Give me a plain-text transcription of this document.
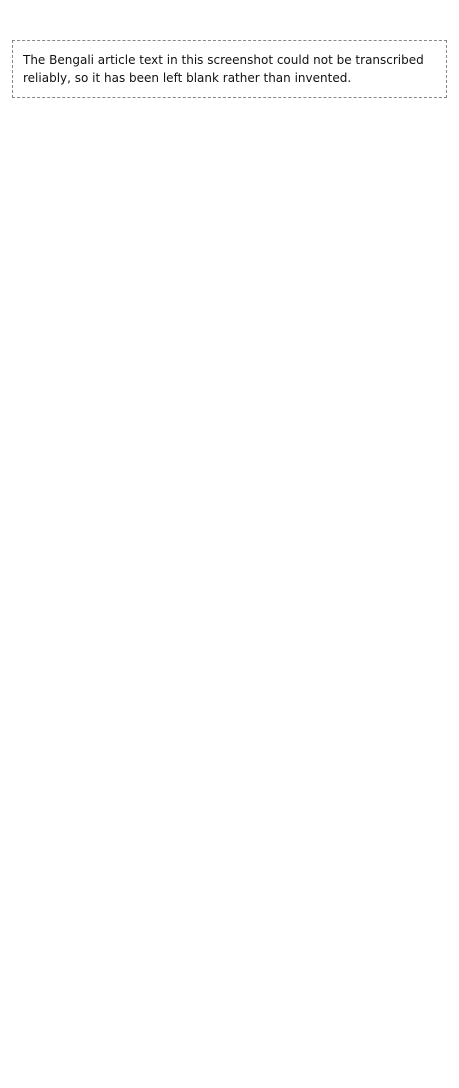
The Bengali article text in this screenshot could not be transcribed reliably, so it has been left blank rather than invented.
